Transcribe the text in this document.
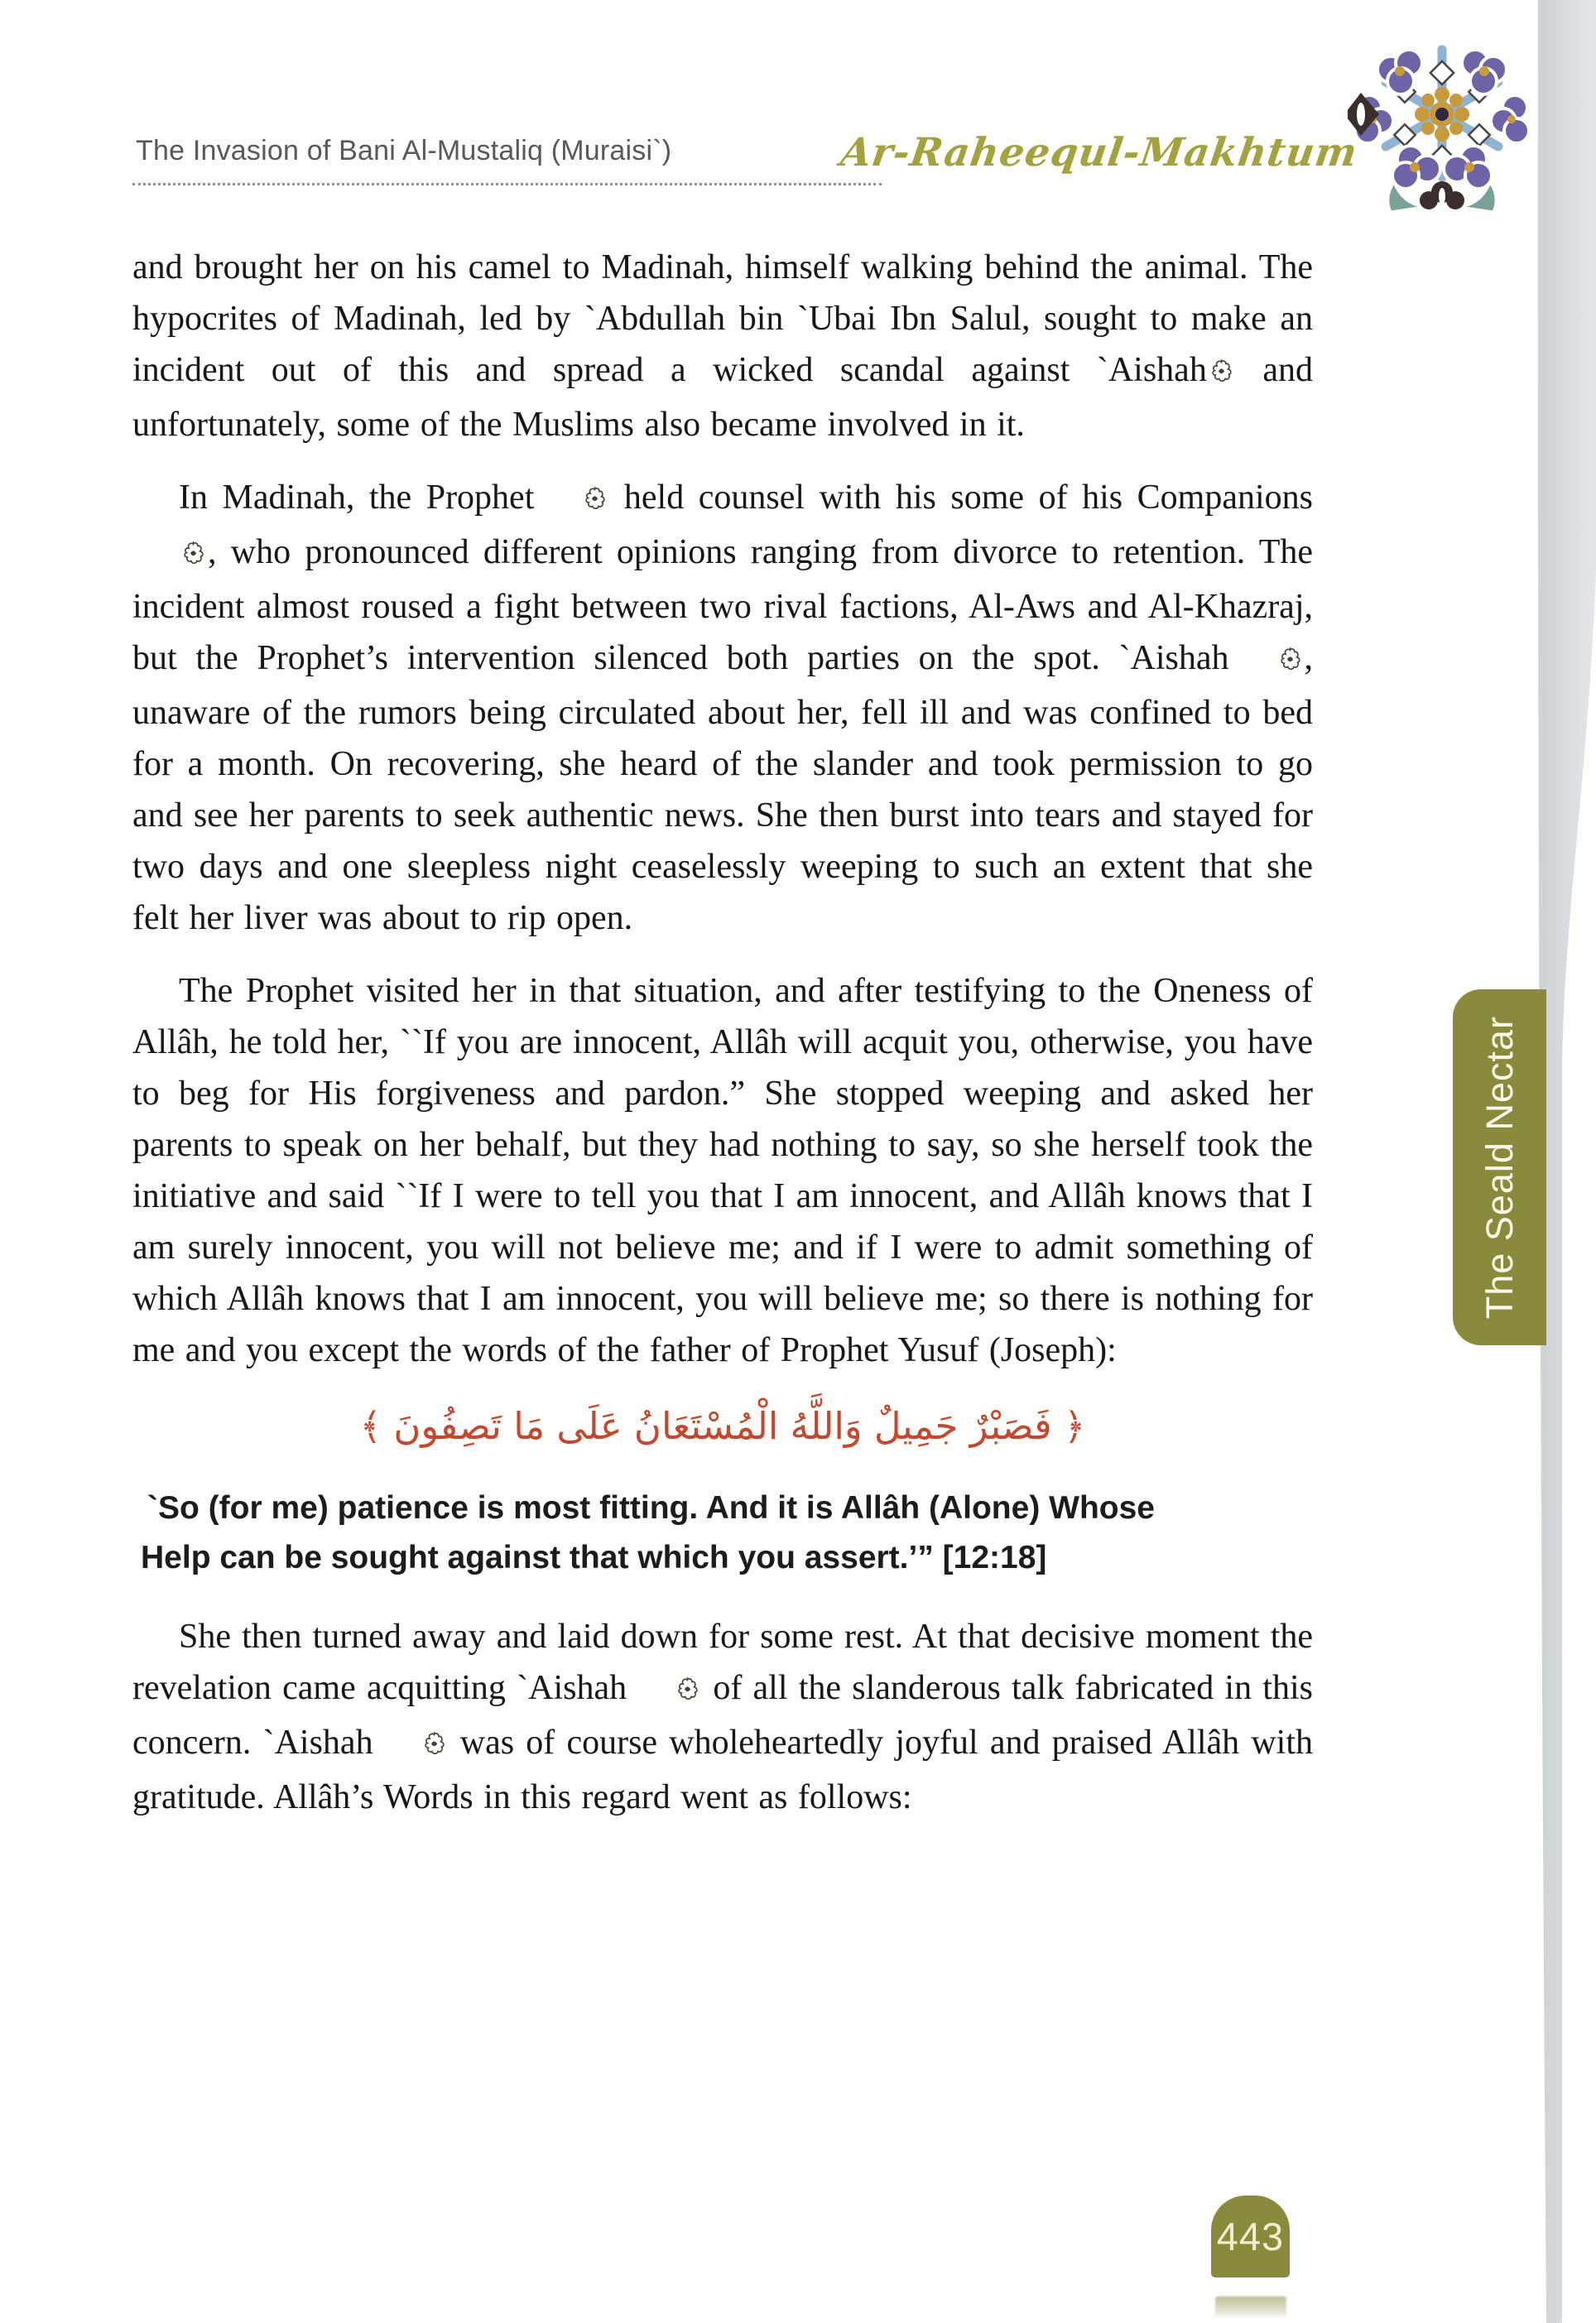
The Invasion of Bani Al-Mustaliq (Muraisi`)	Ar-Raheequl-Makhtum

and brought her on his camel to Madinah, himself walking behind the animal. The hypocrites of Madinah, led by `Abdullah bin `Ubai Ibn Salul, sought to make an incident out of this and spread a wicked scandal against `Aishah and unfortunately, some of the Muslims also became involved in it.

In Madinah, the Prophet held counsel with his some of his Companions, who pronounced different opinions ranging from divorce to retention. The incident almost roused a fight between two rival factions, Al-Aws and Al-Khazraj, but the Prophet’s intervention silenced both parties on the spot. `Aishah , unaware of the rumors being circulated about her, fell ill and was confined to bed for a month. On recovering, she heard of the slander and took permission to go and see her parents to seek authentic news. She then burst into tears and stayed for two days and one sleepless night ceaselessly weeping to such an extent that she felt her liver was about to rip open.

The Prophet visited her in that situation, and after testifying to the Oneness of Allâh, he told her, ``If you are innocent, Allâh will acquit you, otherwise, you have to beg for His forgiveness and pardon.” She stopped weeping and asked her parents to speak on her behalf, but they had nothing to say, so she herself took the initiative and said ``If I were to tell you that I am innocent, and Allâh knows that I am surely innocent, you will not believe me; and if I were to admit something of which Allâh knows that I am innocent, you will believe me; so there is nothing for me and you except the words of the father of Prophet Yusuf (Joseph):

﴿ فَصَبْرٌ جَمِيلٌ وَاللَّهُ الْمُسْتَعَانُ عَلَى مَا تَصِفُونَ ﴾
`So (for me) patience is most fitting. And it is Allâh (Alone) Whose Help can be sought against that which you assert.’” [12:18]

She then turned away and laid down for some rest. At that decisive moment the revelation came acquitting `Aishah of all the slanderous talk fabricated in this concern. `Aishah was of course wholeheartedly joyful and praised Allâh with gratitude. Allâh’s Words in this regard went as follows:

The Seald Nectar
443
